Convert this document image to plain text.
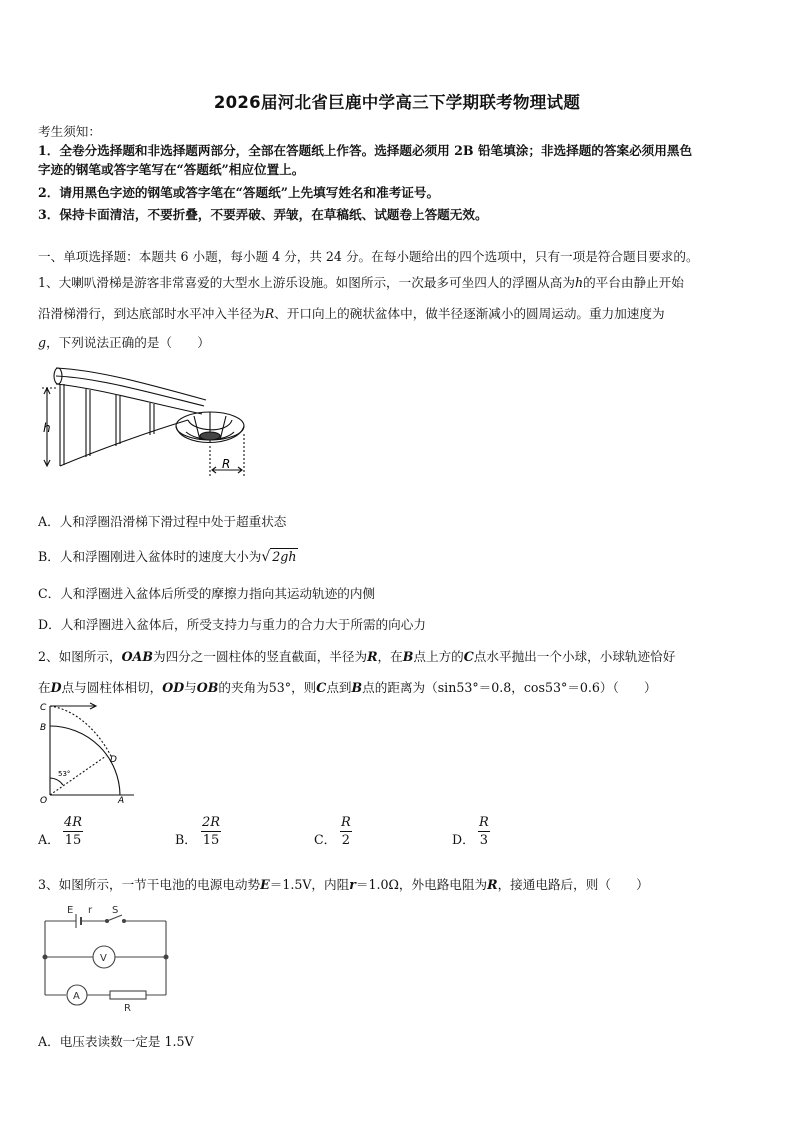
2026届河北省巨鹿中学高三下学期联考物理试题
考生须知：
1．全卷分选择题和非选择题两部分，全部在答题纸上作答。选择题必须用 2B 铅笔填涂；非选择题的答案必须用黑色
字迹的钢笔或答字笔写在“答题纸”相应位置上。
2．请用黑色字迹的钢笔或答字笔在“答题纸”上先填写姓名和准考证号。
3．保持卡面清洁，不要折叠，不要弄破、弄皱，在草稿纸、试题卷上答题无效。
一、单项选择题：本题共 6 小题，每小题 4 分，共 24 分。在每小题给出的四个选项中，只有一项是符合题目要求的。
1、大喇叭滑梯是游客非常喜爱的大型水上游乐设施。如图所示，一次最多可坐四人的浮圈从高为h的平台由静止开始
沿滑梯滑行，到达底部时水平冲入半径为R、开口向上的碗状盆体中，做半径逐渐减小的圆周运动。重力加速度为
g，下列说法正确的是（　　）
h
R
A．人和浮圈沿滑梯下滑过程中处于超重状态
B．人和浮圈刚进入盆体时的速度大小为√ 2gh
C．人和浮圈进入盆体后所受的摩擦力指向其运动轨迹的内侧
D．人和浮圈进入盆体后，所受支持力与重力的合力大于所需的向心力
2、如图所示，OAB为四分之一圆柱体的竖直截面，半径为R，在B点上方的C点水平抛出一个小球，小球轨迹恰好
在D点与圆柱体相切，OD与OB的夹角为53°，则C点到B点的距离为（sin53°＝0.8，cos53°＝0.6）（　　）
C
B
D
O	A
53°
A． $\frac{4R}{15}$	B． $\frac{2R}{15}$	C． $\frac{R}{2}$	D． $\frac{R}{3}$
3、如图所示，一节干电池的电源电动势E＝1.5V，内阻r＝1.0Ω，外电路电阻为R，接通电路后，则（　　）
E r S
V
A
R
A．电压表读数一定是 1.5V
